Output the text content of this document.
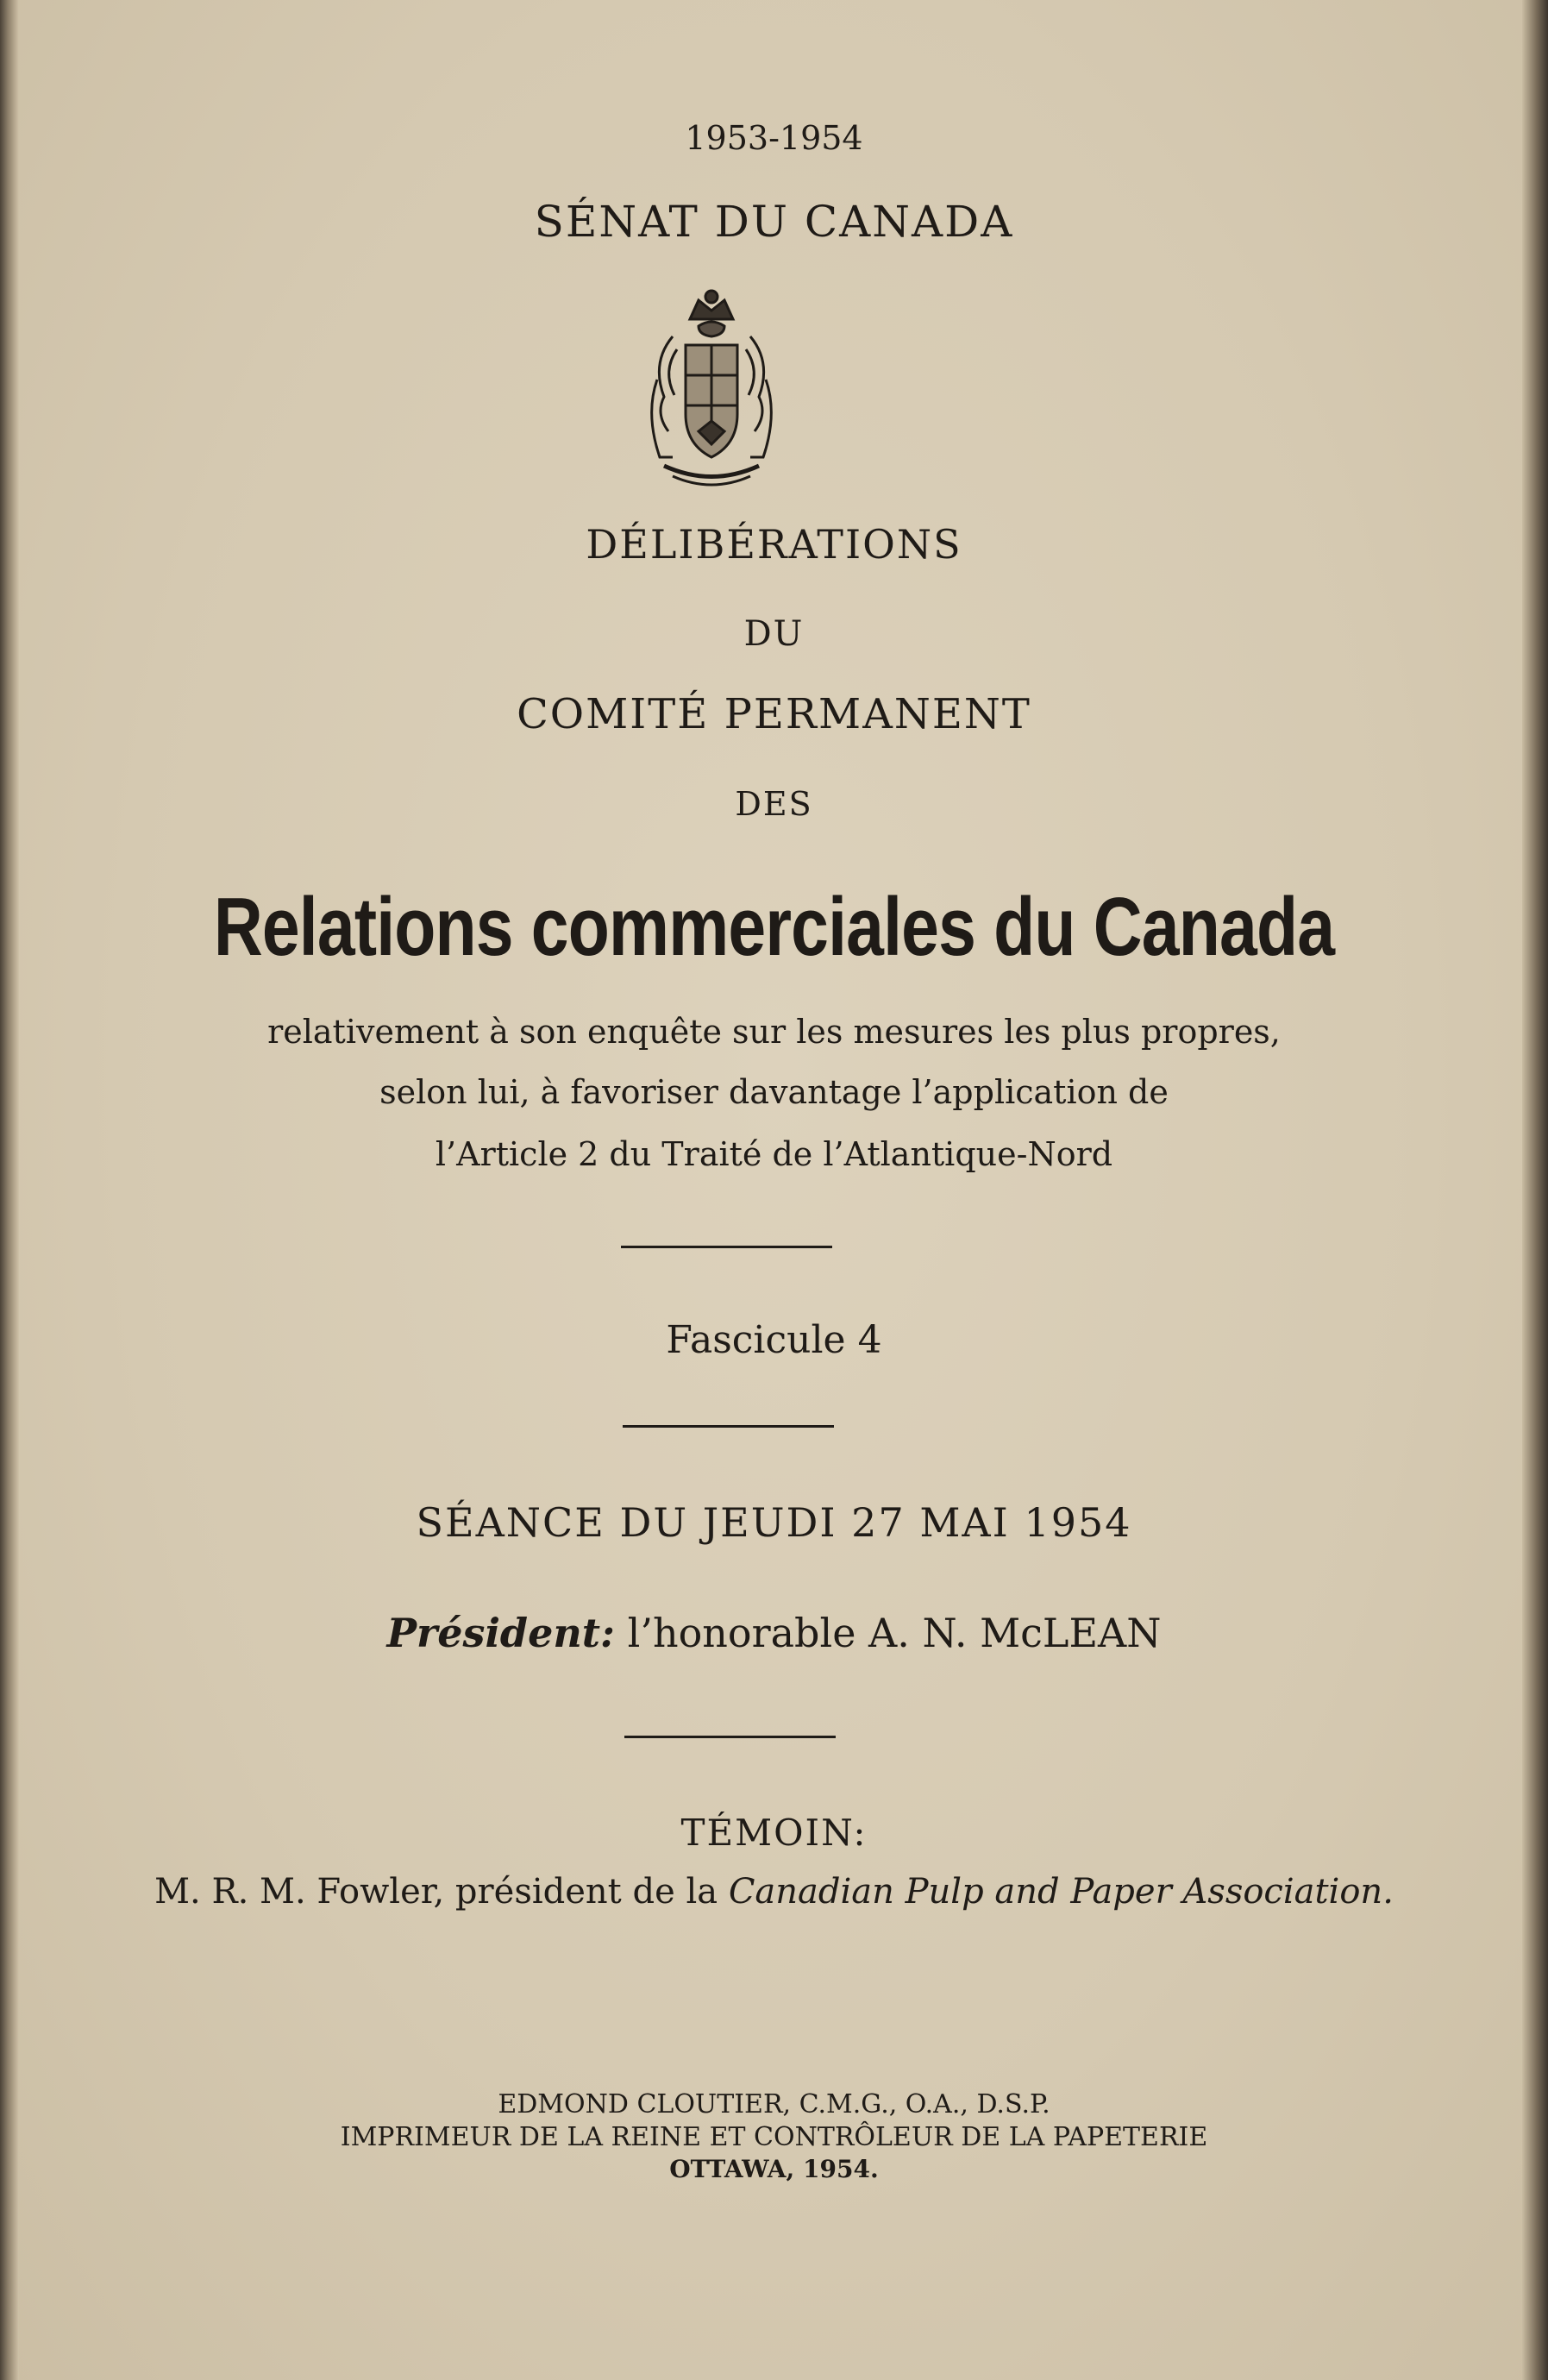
1953-1954
SÉNAT DU CANADA
DÉLIBÉRATIONS
DU
COMITÉ PERMANENT
DES
Relations commerciales du Canada
relativement à son enquête sur les mesures les plus propres,
selon lui, à favoriser davantage l’application de
l’Article 2 du Traité de l’Atlantique-Nord
Fascicule 4
SÉANCE DU JEUDI 27 MAI 1954
Président: l’honorable A. N. McLEAN
TÉMOIN:
M. R. M. Fowler, président de la Canadian Pulp and Paper Association.
EDMOND CLOUTIER, C.M.G., O.A., D.S.P.
IMPRIMEUR DE LA REINE ET CONTRÔLEUR DE LA PAPETERIE
OTTAWA, 1954.
